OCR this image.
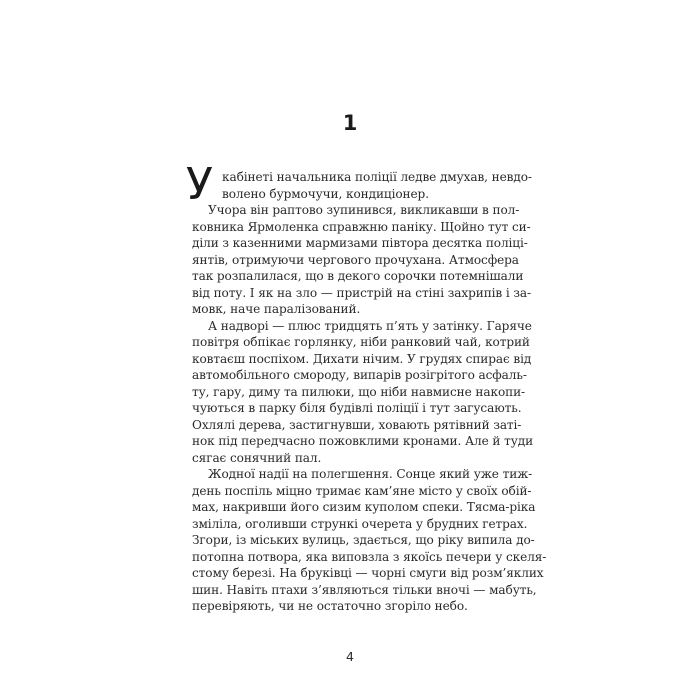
1
У кабінеті начальника поліції ледве дмухав, невдо-
волено бурмочучи, кондиціонер.
Учора він раптово зупинився, викликавши в пол-
ковника Ярмоленка справжню паніку. Щойно тут си-
діли з казенними мармизами півтора десятка поліці-
янтів, отримуючи чергового прочухана. Атмосфера
так розпалилася, що в декого сорочки потемнішали
від поту. І як на зло — пристрій на стіні захрипів і за-
мовк, наче паралізований.
А надворі — плюс тридцять п’ять у затінку. Гаряче
повітря обпікає горлянку, ніби ранковий чай, котрий
ковтаєш поспіхом. Дихати нічим. У грудях спирає від
автомобільного смороду, випарів розігрітого асфаль-
ту, гару, диму та пилюки, що ніби навмисне накопи-
чуються в парку біля будівлі поліції і тут загусають.
Охлялі дерева, застигнувши, ховають рятівний заті-
нок під передчасно пожовклими кронами. Але й туди
сягає сонячний пал.
Жодної надії на полегшення. Сонце який уже тиж-
день поспіль міцно тримає кам’яне місто у своїх обій-
мах, накривши його сизим куполом спеки. Тясма-ріка
зміліла, оголивши стрункі очерета у брудних гетрах.
Згори, із міських вулиць, здається, що ріку випила до-
потопна потвора, яка виповзла з якоїсь печери у скеля-
стому березі. На бруківці — чорні смуги від розм’яклих
шин. Навіть птахи з’являються тільки вночі — мабуть,
перевіряють, чи не остаточно згоріло небо.
4
